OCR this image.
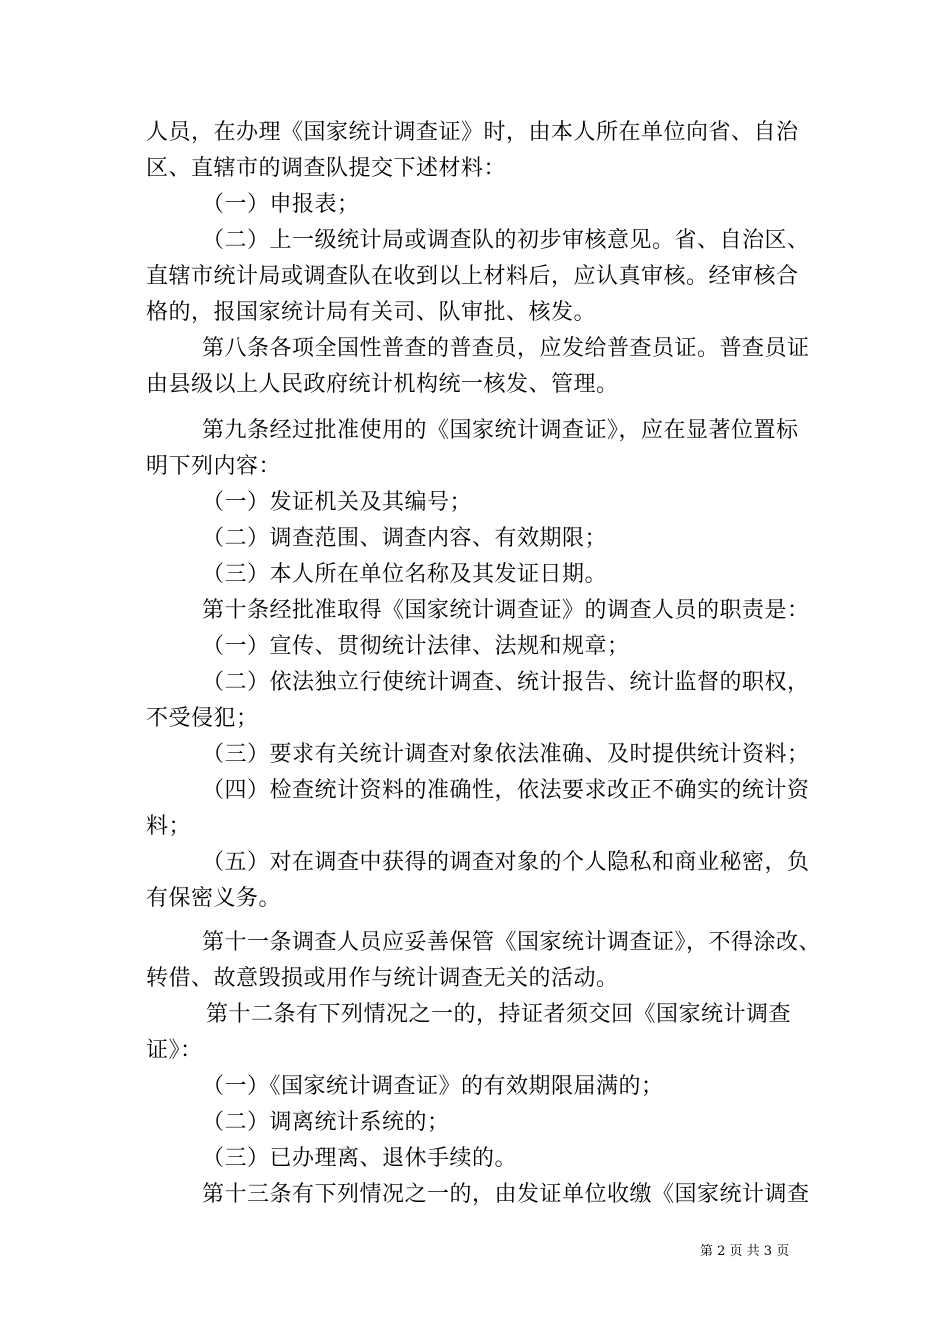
人员，在办理《国家统计调查证》时，由本人所在单位向省、自治
区、直辖市的调查队提交下述材料：
（一）申报表；
（二）上一级统计局或调查队的初步审核意见。省、自治区、
直辖市统计局或调查队在收到以上材料后，应认真审核。经审核合
格的，报国家统计局有关司、队审批、核发。
第八条各项全国性普查的普查员，应发给普查员证。普查员证
由县级以上人民政府统计机构统一核发、管理。
第九条经过批准使用的《国家统计调查证》，应在显著位置标
明下列内容：
（一）发证机关及其编号；
（二）调查范围、调查内容、有效期限；
（三）本人所在单位名称及其发证日期。
第十条经批准取得《国家统计调查证》的调查人员的职责是：
（一）宣传、贯彻统计法律、法规和规章；
（二）依法独立行使统计调查、统计报告、统计监督的职权，
不受侵犯；
（三）要求有关统计调查对象依法准确、及时提供统计资料；
（四）检查统计资料的准确性，依法要求改正不确实的统计资
料；
（五）对在调查中获得的调查对象的个人隐私和商业秘密，负
有保密义务。
第十一条调查人员应妥善保管《国家统计调查证》，不得涂改、
转借、故意毁损或用作与统计调查无关的活动。
第十二条有下列情况之一的，持证者须交回《国家统计调查
证》：
（一）《国家统计调查证》的有效期限届满的；
（二）调离统计系统的；
（三）已办理离、退休手续的。
第十三条有下列情况之一的，由发证单位收缴《国家统计调查
第 2 页 共 3 页
